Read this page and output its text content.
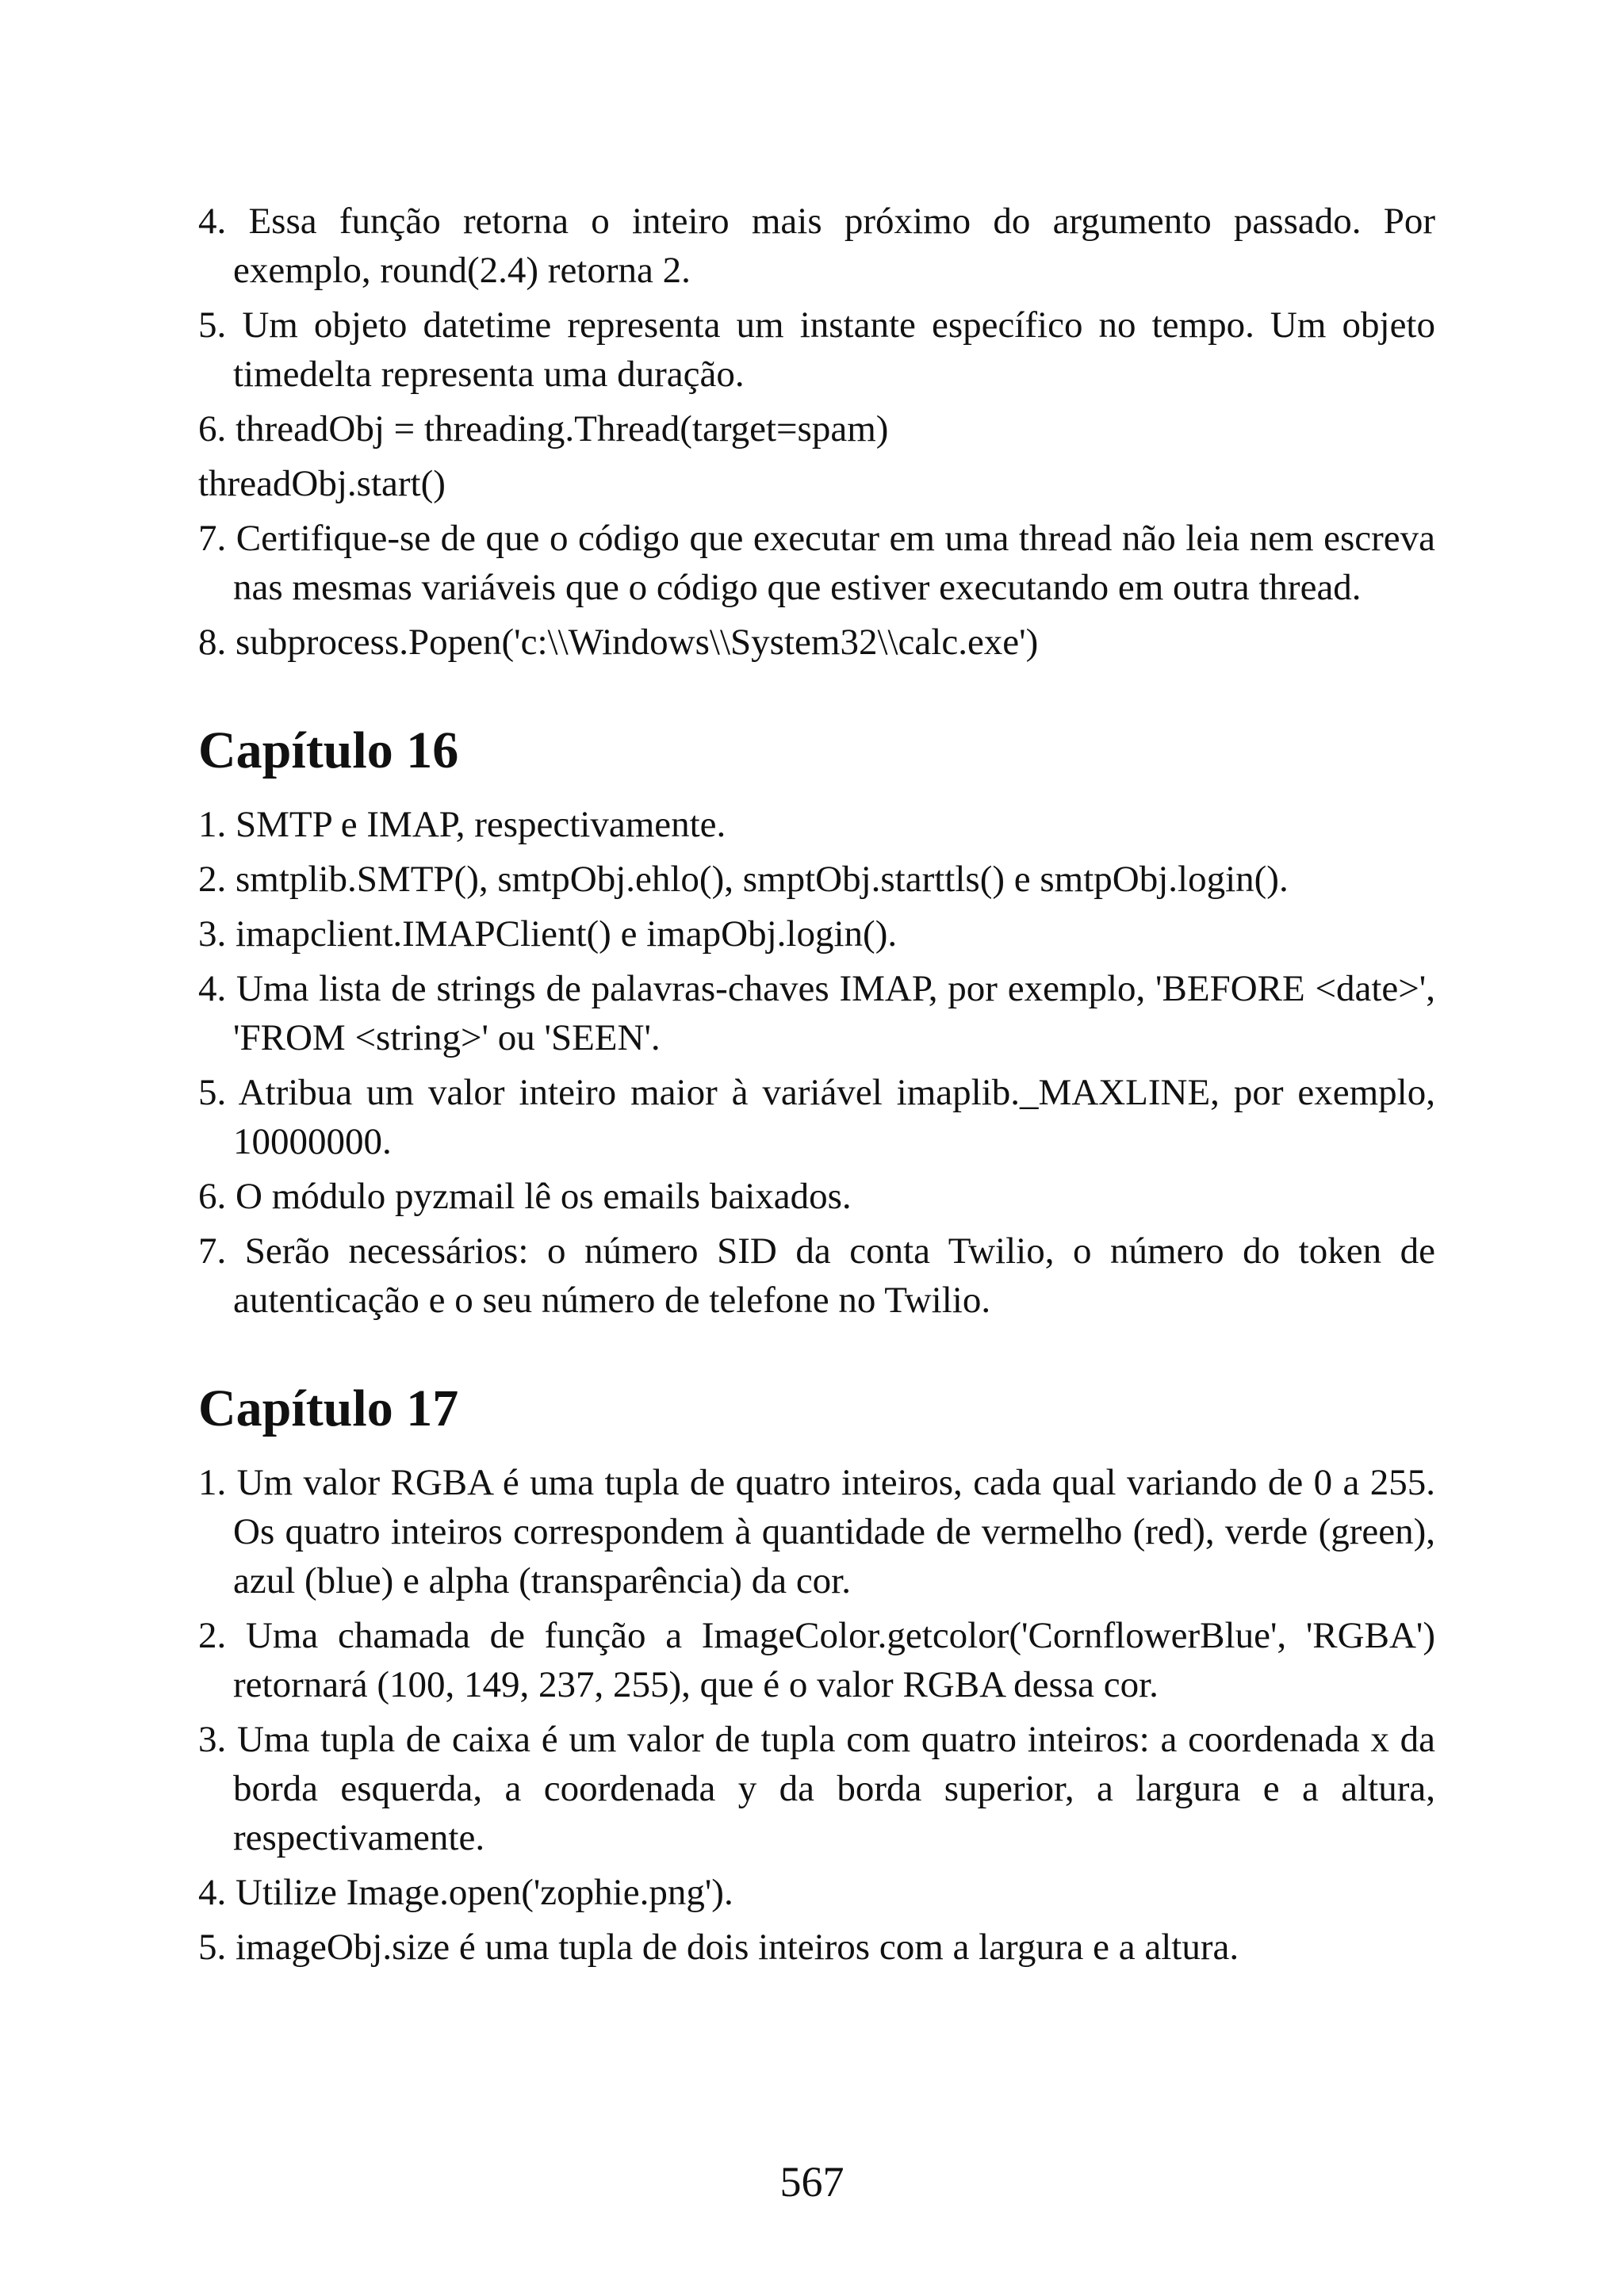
4. Essa função retorna o inteiro mais próximo do argumento passado. Por exemplo, round(2.4) retorna 2.

5. Um objeto datetime representa um instante específico no tempo. Um objeto timedelta representa uma duração.

6. threadObj = threading.Thread(target=spam)

threadObj.start()

7. Certifique-se de que o código que executar em uma thread não leia nem escreva nas mesmas variáveis que o código que estiver executando em outra thread.

8. subprocess.Popen('c:\\Windows\\System32\\calc.exe')

Capítulo 16

1. SMTP e IMAP, respectivamente.

2. smtplib.SMTP(), smtpObj.ehlo(), smptObj.starttls() e smtpObj.login().

3. imapclient.IMAPClient() e imapObj.login().

4. Uma lista de strings de palavras-chaves IMAP, por exemplo, 'BEFORE <date>', 'FROM <string>' ou 'SEEN'.

5. Atribua um valor inteiro maior à variável imaplib._MAXLINE, por exemplo, 10000000.

6. O módulo pyzmail lê os emails baixados.

7. Serão necessários: o número SID da conta Twilio, o número do token de autenticação e o seu número de telefone no Twilio.

Capítulo 17

1. Um valor RGBA é uma tupla de quatro inteiros, cada qual variando de 0 a 255. Os quatro inteiros correspondem à quantidade de vermelho (red), verde (green), azul (blue) e alpha (transparência) da cor.

2. Uma chamada de função a ImageColor.getcolor('CornflowerBlue', 'RGBA') retornará (100, 149, 237, 255), que é o valor RGBA dessa cor.

3. Uma tupla de caixa é um valor de tupla com quatro inteiros: a coordenada x da borda esquerda, a coordenada y da borda superior, a largura e a altura, respectivamente.

4. Utilize Image.open('zophie.png').

5. imageObj.size é uma tupla de dois inteiros com a largura e a altura.

567
